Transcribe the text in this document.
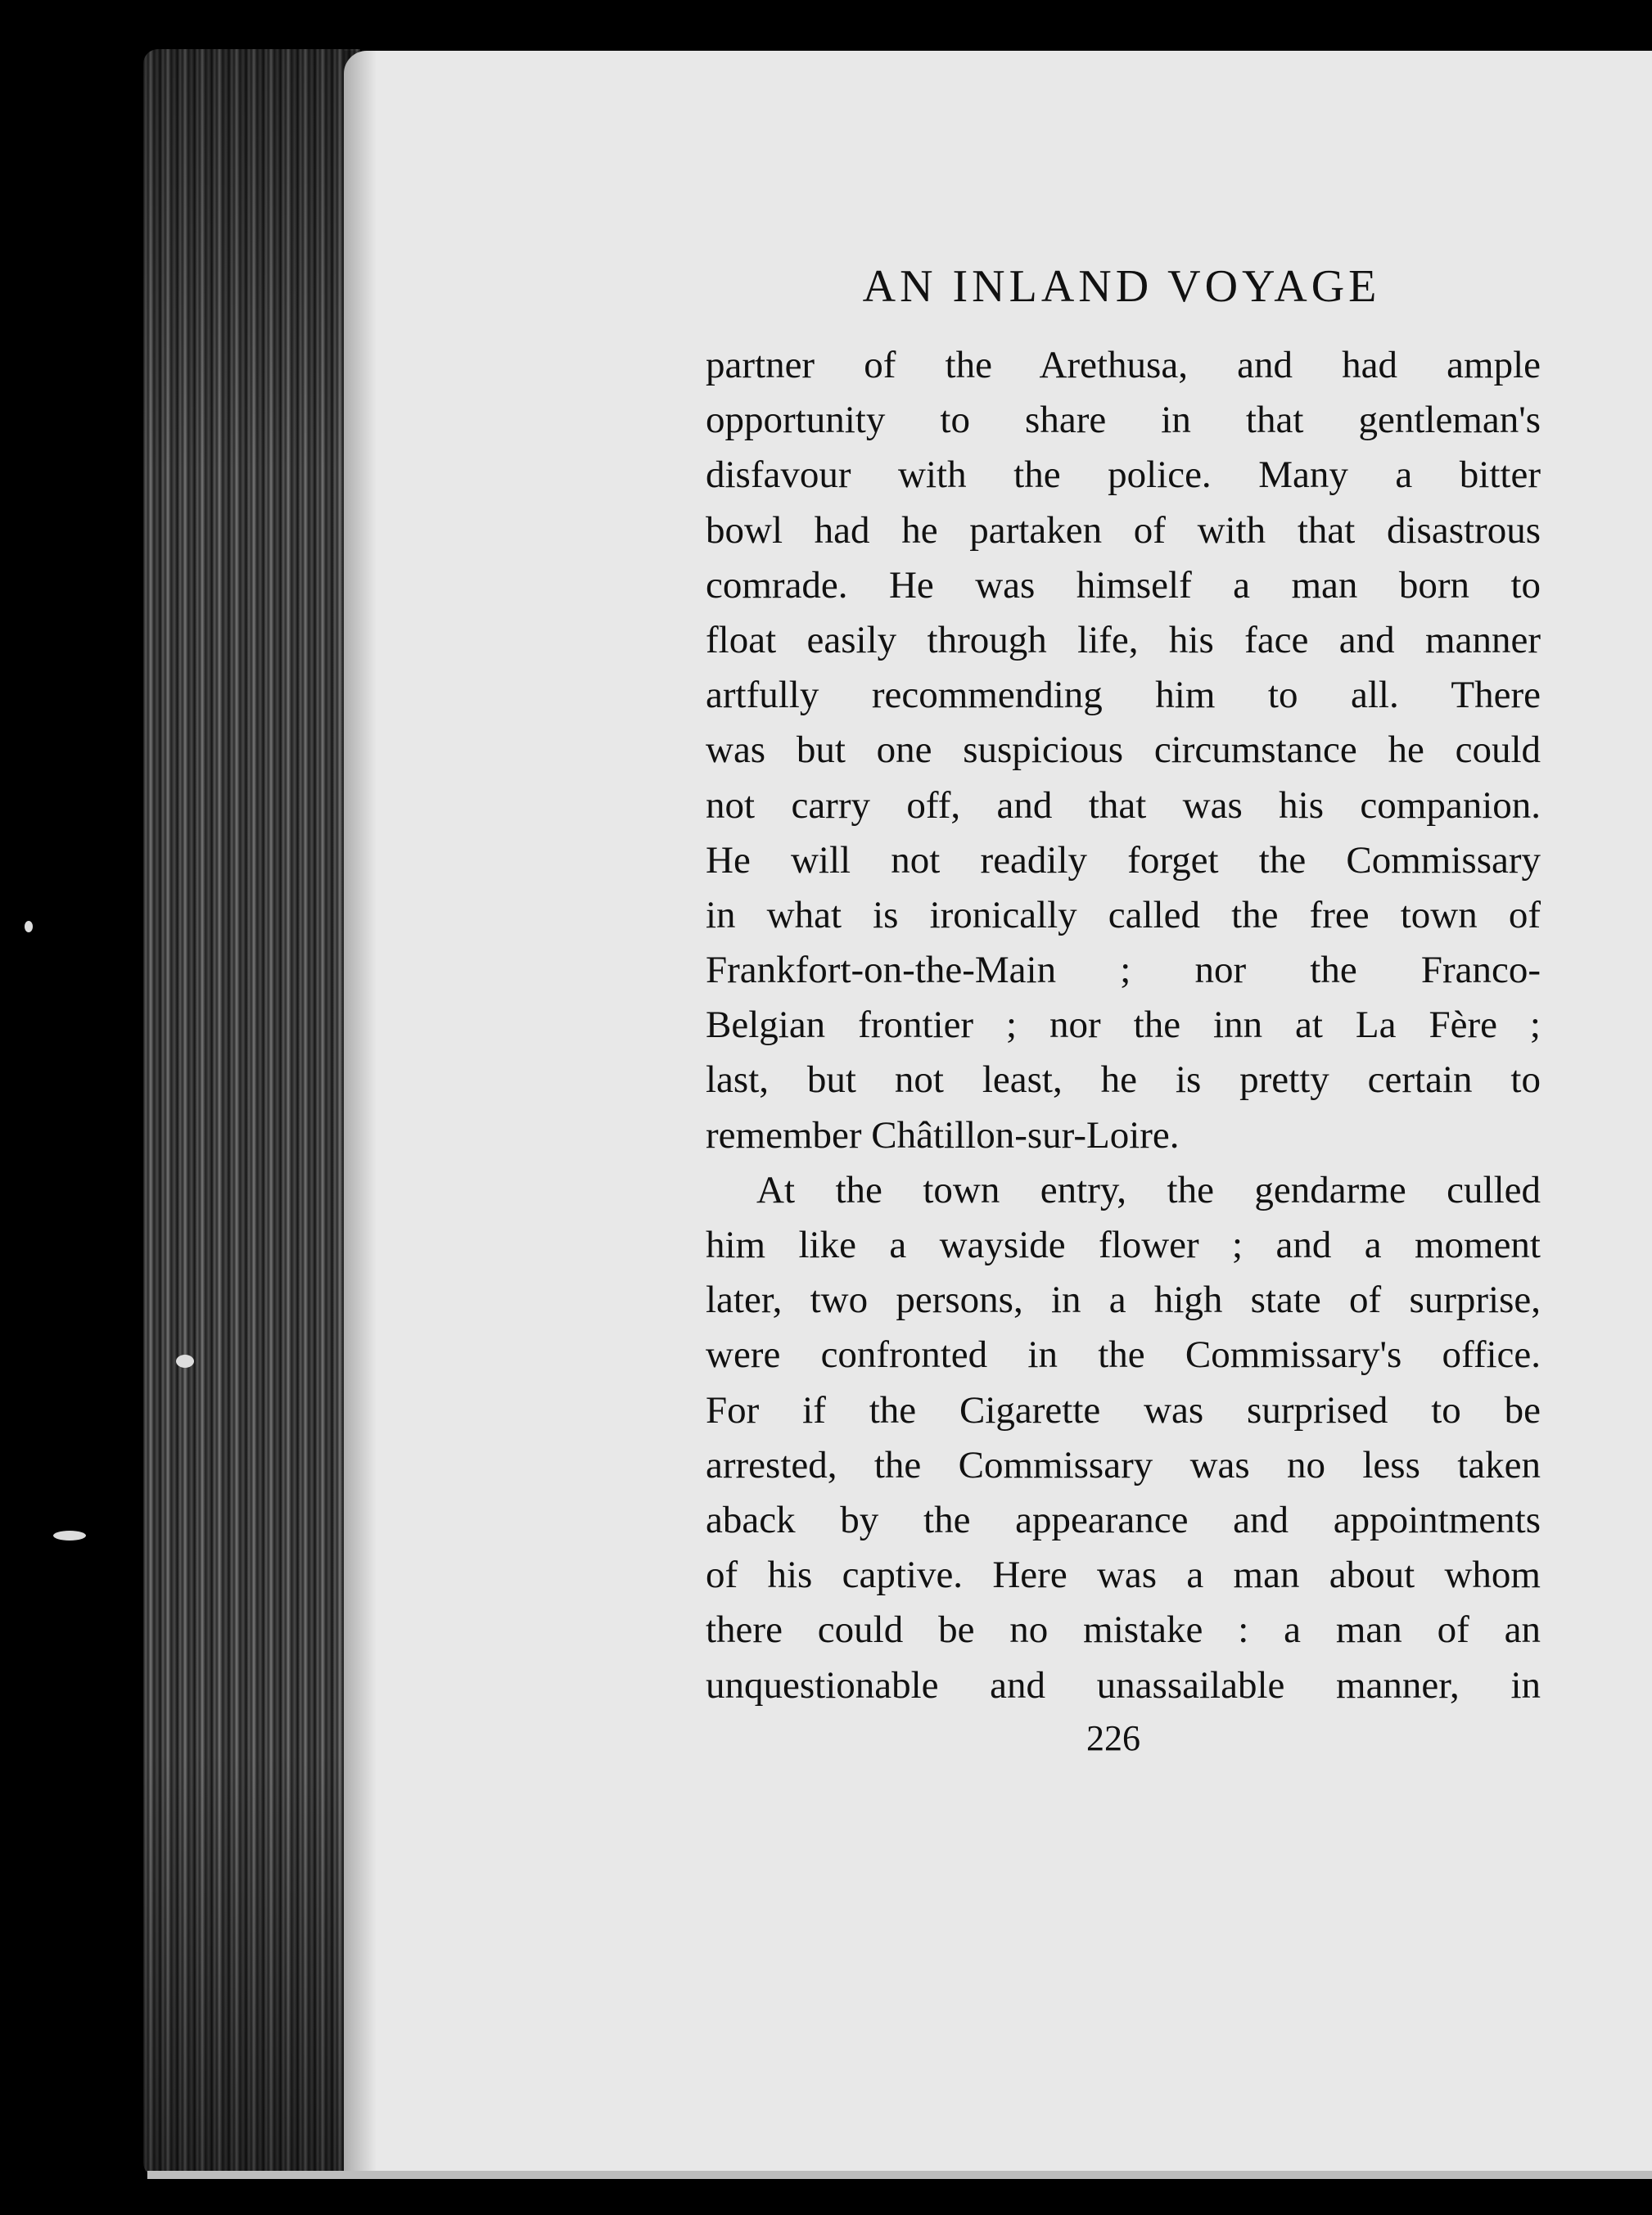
AN INLAND VOYAGE
partner of the Arethusa, and had ample
opportunity to share in that gentleman's
disfavour with the police. Many a bitter
bowl had he partaken of with that disastrous
comrade. He was himself a man born to
float easily through life, his face and manner
artfully recommending him to all. There
was but one suspicious circumstance he could
not carry off, and that was his companion.
He will not readily forget the Commissary
in what is ironically called the free town of
Frankfort-on-the-Main ; nor the Franco-
Belgian frontier ; nor the inn at La Fère ;
last, but not least, he is pretty certain to
remember Châtillon-sur-Loire.
At the town entry, the gendarme culled
him like a wayside flower ; and a moment
later, two persons, in a high state of surprise,
were confronted in the Commissary's office.
For if the Cigarette was surprised to be
arrested, the Commissary was no less taken
aback by the appearance and appointments
of his captive. Here was a man about whom
there could be no mistake : a man of an
unquestionable and unassailable manner, in
226
